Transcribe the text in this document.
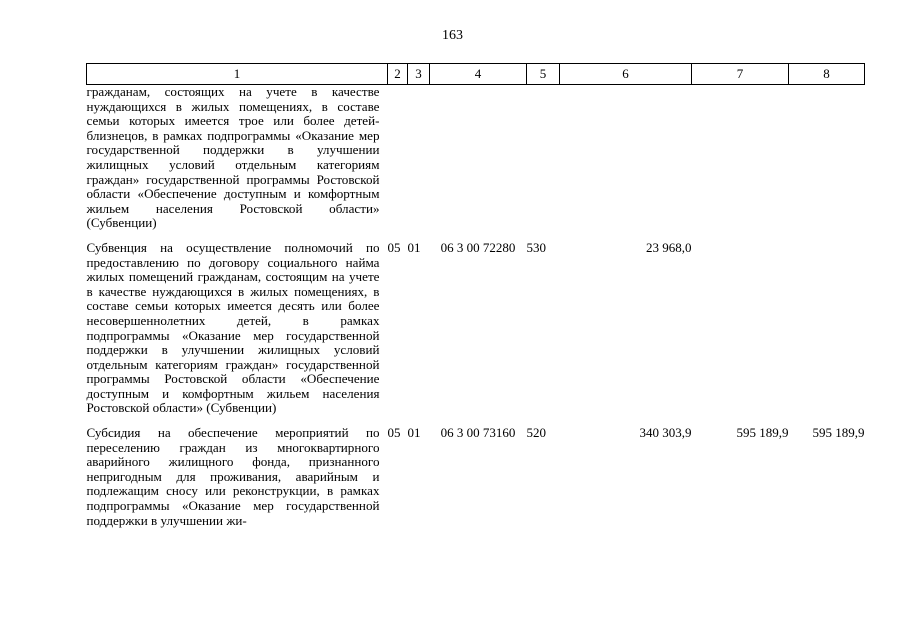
163
1	2	3	4	5	6	7	8

гражданам, состоящих на учете в качестве нуждающихся в жилых помещениях, в составе семьи которых имеется трое или более детей-близнецов, в рамках подпрограммы «Оказание мер государственной поддержки в улучшении жилищных условий отдельным категориям граждан» государственной программы Ростовской области «Обеспечение доступным и комфортным жильем населения Ростовской области» (Субвенции)							

Субвенция на осуществление полномочий по предоставлению по договору социального найма жилых помещений гражданам, состоящим на учете в качестве нуждающихся в жилых помещениях, в составе семьи которых имеется десять или более несовершеннолетних детей, в рамках подпрограммы «Оказание мер государственной поддержки в улучшении жилищных условий отдельным категориям граждан» государственной программы Ростовской области «Обеспечение доступным и комфортным жильем населения Ростовской области» (Субвенции)	05	01	06 3 00 72280	530	23 968,0		

Субсидия на обеспечение мероприятий по переселению граждан из многоквартирного аварийного жилищного фонда, признанного непригодным для проживания, аварийным и подлежащим сносу или реконструкции, в рамках подпрограммы «Оказание мер государственной поддержки в улучшении жи-	05	01	06 3 00 73160	520	340 303,9	595 189,9	595 189,9
